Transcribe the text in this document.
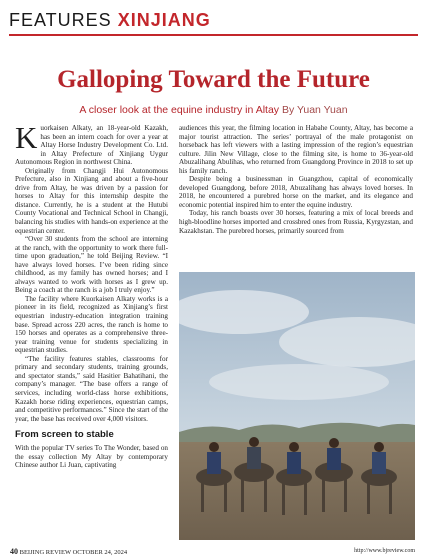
FEATURES XINJIANG
Galloping Toward the Future
A closer look at the equine industry in Altay By Yuan Yuan

Kuorkaisen Alkaty, an 18-year-old Kazakh, has been an intern coach for over a year at Altay Horse Industry Development Co. Ltd. in Altay Prefecture of Xinjiang Uygur Autonomous Region in northwest China.

Originally from Changji Hui Autonomous Prefecture, also in Xinjiang and about a five-hour drive from Altay, he was driven by a passion for horses to Altay for this internship despite the distance. Currently, he is a student at the Hutubi County Vocational and Technical School in Changji, balancing his studies with hands-on experience at the equestrian center.

“Over 30 students from the school are interning at the ranch, with the opportunity to work there full-time upon graduation,” he told Beijing Review. “I have always loved horses. I’ve been riding since childhood, as my family has owned horses; and I always wanted to work with horses as I grew up. Being a coach at the ranch is a job I truly enjoy.”

The facility where Kuorkaisen Alkaty works is a pioneer in its field, recognized as Xinjiang’s first equestrian industry-education integration training base. Spread across 220 acres, the ranch is home to 150 horses and operates as a comprehensive three-year training venue for students specializing in equestrian studies.

“The facility features stables, classrooms for primary and secondary students, training grounds, and spectator stands,” said Hasitier Bahatihani, the company’s manager. “The base offers a range of services, including world-class horse exhibitions, Kazakh horse riding experiences, equestrian camps, and competitive performances.” Since the start of the year, the base has received over 4,000 visitors.

From screen to stable

With the popular TV series To The Wonder, based on the essay collection My Altay by contemporary Chinese author Li Juan, captivating

audiences this year, the filming location in Habahe County, Altay, has become a major tourist attraction. The series’ portrayal of the male protagonist on horseback has left viewers with a lasting impression of the region’s equestrian culture. Jilin New Village, close to the filming site, is home to 36-year-old Abuzalihang Abulihas, who returned from Guangdong Province in 2018 to set up his family ranch.

Despite being a businessman in Guangzhou, capital of economically developed Guangdong, before 2018, Abuzalihang has always loved horses. In 2018, he encountered a purebred horse on the market, and its elegance and economic potential inspired him to enter the equine industry.

Today, his ranch boasts over 30 horses, featuring a mix of local breeds and high-bloodline horses imported and crossbred ones from Russia, Kyrgyzstan, and Kazakhstan. The purebred horses, primarily sourced from

40 BEIJING REVIEW OCTOBER 24, 2024	http://www.bjreview.com
